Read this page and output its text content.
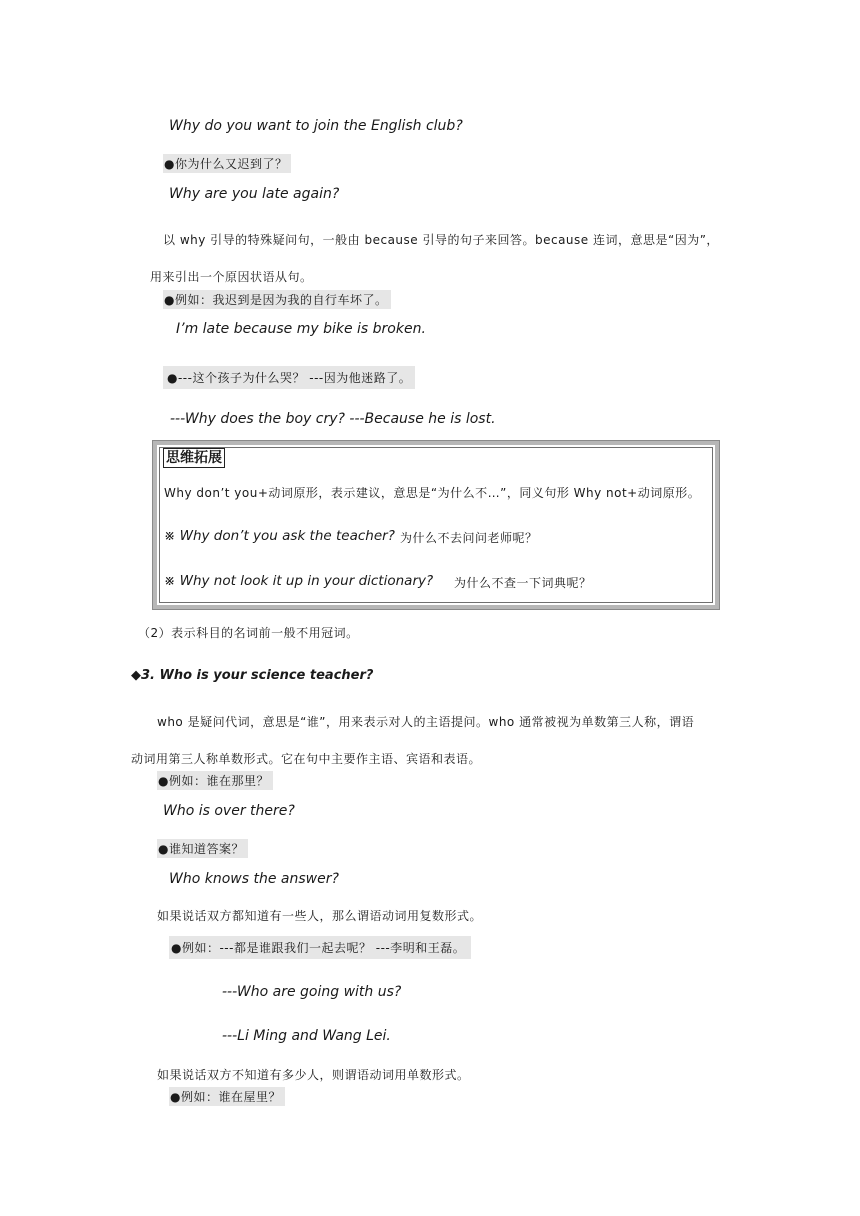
Why do you want to join the English club?
●你为什么又迟到了？
Why are you late again?
以 why 引导的特殊疑问句，一般由 because 引导的句子来回答。because 连词，意思是“因为”，
用来引出一个原因状语从句。
●例如：我迟到是因为我的自行车坏了。
I’m late because my bike is broken.
●---这个孩子为什么哭？ ---因为他迷路了。
---Why does the boy cry? ---Because he is lost.
思维拓展
Why don’t you+动词原形，表示建议，意思是“为什么不…”，同义句形 Why not+动词原形。
※ Why don’t you ask the teacher? 为什么不去问问老师呢？
※ Why not look it up in your dictionary? 为什么不查一下词典呢？
（2）表示科目的名词前一般不用冠词。
◆3. Who is your science teacher?
who 是疑问代词，意思是“谁”，用来表示对人的主语提问。who 通常被视为单数第三人称，谓语
动词用第三人称单数形式。它在句中主要作主语、宾语和表语。
●例如：谁在那里？
Who is over there?
●谁知道答案？
Who knows the answer?
如果说话双方都知道有一些人，那么谓语动词用复数形式。
●例如：---都是谁跟我们一起去呢？ ---李明和王磊。
---Who are going with us?
---Li Ming and Wang Lei.
如果说话双方不知道有多少人，则谓语动词用单数形式。
●例如：谁在屋里？
